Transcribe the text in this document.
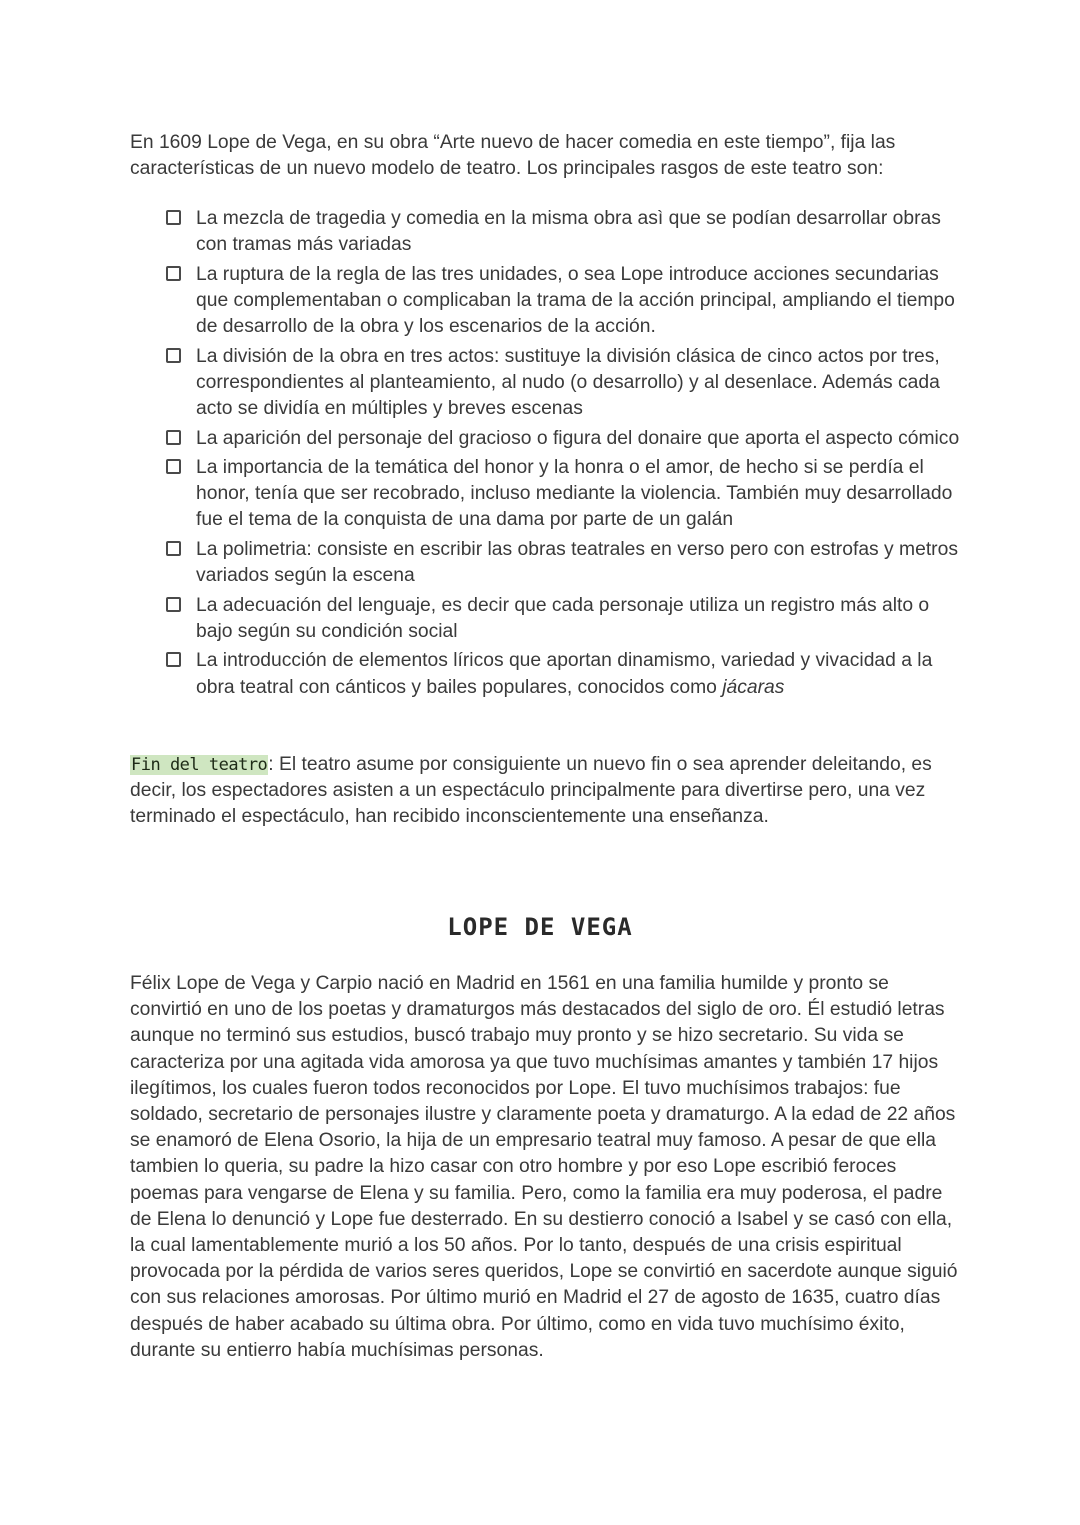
En 1609 Lope de Vega, en su obra “Arte nuevo de hacer comedia en este tiempo”, fija las características de un nuevo modelo de teatro. Los principales rasgos de este teatro son:

La mezcla de tragedia y comedia en la misma obra asì que se podían desarrollar obras con tramas más variadas
La ruptura de la regla de las tres unidades, o sea Lope introduce acciones secundarias que complementaban o complicaban la trama de la acción principal, ampliando el tiempo de desarrollo de la obra y los escenarios de la acción.
La división de la obra en tres actos: sustituye la división clásica de cinco actos por tres, correspondientes al planteamiento, al nudo (o desarrollo) y al desenlace. Además cada acto se dividía en múltiples y breves escenas
La aparición del personaje del gracioso o figura del donaire que aporta el aspecto cómico
La importancia de la temática del honor y la honra o el amor, de hecho si se perdía el honor, tenía que ser recobrado, incluso mediante la violencia. También muy desarrollado fue el tema de la conquista de una dama por parte de un galán
La polimetria: consiste en escribir las obras teatrales en verso pero con estrofas y metros variados según la escena
La adecuación del lenguaje, es decir que cada personaje utiliza un registro más alto o bajo según su condición social
La introducción de elementos líricos que aportan dinamismo, variedad y vivacidad a la obra teatral con cánticos y bailes populares, conocidos como jácaras

Fin del teatro: El teatro asume por consiguiente un nuevo fin o sea aprender deleitando, es decir, los espectadores asisten a un espectáculo principalmente para divertirse pero, una vez terminado el espectáculo, han recibido inconscientemente una enseñanza.

LOPE DE VEGA

Félix Lope de Vega y Carpio nació en Madrid en 1561 en una familia humilde y pronto se convirtió en uno de los poetas y dramaturgos más destacados del siglo de oro. Él estudió letras aunque no terminó sus estudios, buscó trabajo muy pronto y se hizo secretario. Su vida se caracteriza por una agitada vida amorosa ya que tuvo muchísimas amantes y también 17 hijos ilegítimos, los cuales fueron todos reconocidos por Lope. El tuvo muchísimos trabajos: fue soldado, secretario de personajes ilustre y claramente poeta y dramaturgo. A la edad de 22 años se enamoró de Elena Osorio, la hija de un empresario teatral muy famoso. A pesar de que ella tambien lo queria, su padre la hizo casar con otro hombre y por eso Lope escribió feroces poemas para vengarse de Elena y su familia. Pero, como la familia era muy poderosa, el padre de Elena lo denunció y Lope fue desterrado. En su destierro conoció a Isabel y se casó con ella, la cual lamentablemente murió a los 50 años. Por lo tanto, después de una crisis espiritual provocada por la pérdida de varios seres queridos, Lope se convirtió en sacerdote aunque siguió con sus relaciones amorosas. Por último murió en Madrid el 27 de agosto de 1635, cuatro días después de haber acabado su última obra. Por último, como en vida tuvo muchísimo éxito, durante su entierro había muchísimas personas.
